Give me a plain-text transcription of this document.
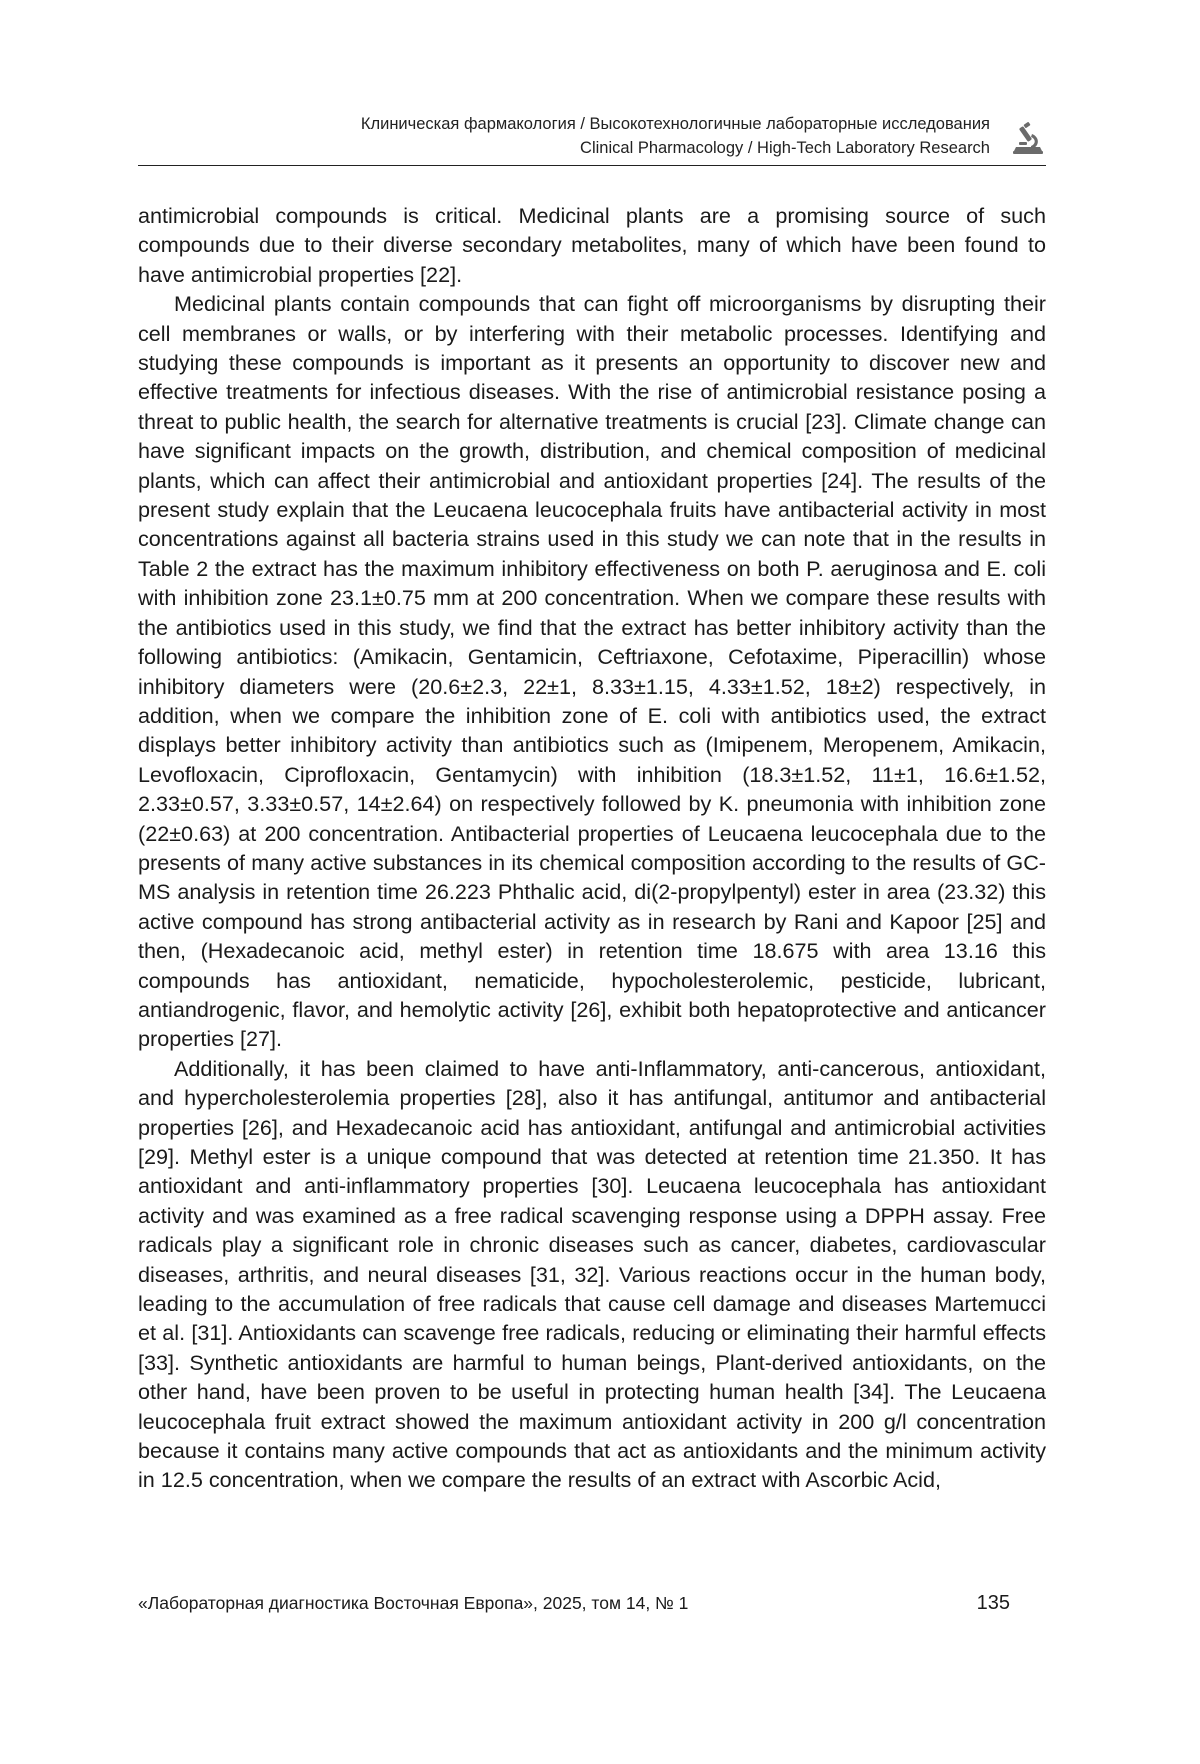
Клиническая фармакология / Высокотехнологичные лабораторные исследования
Clinical Pharmacology / High-Tech Laboratory Research

antimicrobial compounds is critical. Medicinal plants are a promising source of such compounds due to their diverse secondary metabolites, many of which have been found to have antimicrobial properties [22].

Medicinal plants contain compounds that can fight off microorganisms by disrupting their cell membranes or walls, or by interfering with their metabolic processes. Identifying and studying these compounds is important as it presents an opportunity to discover new and effective treatments for infectious diseases. With the rise of antimicrobial resistance posing a threat to public health, the search for alternative treatments is crucial [23]. Climate change can have significant impacts on the growth, distribution, and chemical composition of medicinal plants, which can affect their antimicrobial and antioxidant properties [24]. The results of the present study explain that the Leucaena leucocephala fruits have antibacterial activity in most concentrations against all bacteria strains used in this study we can note that in the results in Table 2 the extract has the maximum inhibitory effectiveness on both P. aeruginosa and E. coli with inhibition zone 23.1±0.75 mm at 200 concentration. When we compare these results with the antibiotics used in this study, we find that the extract has better inhibitory activity than the following antibiotics: (Amikacin, Gentamicin, Ceftriaxone, Cefotaxime, Piperacillin) whose inhibitory diameters were (20.6±2.3, 22±1, 8.33±1.15, 4.33±1.52, 18±2) respectively, in addition, when we compare the inhibition zone of E. coli with antibiotics used, the extract displays better inhibitory activity than antibiotics such as (Imipenem, Meropenem, Amikacin, Levofloxacin, Ciprofloxacin, Gentamycin) with inhibition (18.3±1.52, 11±1, 16.6±1.52, 2.33±0.57, 3.33±0.57, 14±2.64) on respectively followed by K. pneumonia with inhibition zone (22±0.63) at 200 concentration. Antibacterial properties of Leucaena leucocephala due to the presents of many active substances in its chemical composition according to the results of GC-MS analysis in retention time 26.223 Phthalic acid, di(2-propylpentyl) ester in area (23.32) this active compound has strong antibacterial activity as in research by Rani and Kapoor [25] and then, (Hexadecanoic acid, methyl ester) in retention time 18.675 with area 13.16 this compounds has antioxidant, nematicide, hypocholesterolemic, pesticide, lubricant, antiandrogenic, flavor, and hemolytic activity [26], exhibit both hepatoprotective and anticancer properties [27].

Additionally, it has been claimed to have anti-Inflammatory, anti-cancerous, antioxidant, and hypercholesterolemia properties [28], also it has antifungal, antitumor and antibacterial properties [26], and Hexadecanoic acid has antioxidant, antifungal and antimicrobial activities [29]. Methyl ester is a unique compound that was detected at retention time 21.350. It has antioxidant and anti-inflammatory properties [30]. Leucaena leucocephala has antioxidant activity and was examined as a free radical scavenging response using a DPPH assay. Free radicals play a significant role in chronic diseases such as cancer, diabetes, cardiovascular diseases, arthritis, and neural diseases [31, 32]. Various reactions occur in the human body, leading to the accumulation of free radicals that cause cell damage and diseases Martemucci et al. [31]. Antioxidants can scavenge free radicals, reducing or eliminating their harmful effects [33]. Synthetic antioxidants are harmful to human beings, Plant-derived antioxidants, on the other hand, have been proven to be useful in protecting human health [34]. The Leucaena leucocephala fruit extract showed the maximum antioxidant activity in 200 g/l concentration because it contains many active compounds that act as antioxidants and the minimum activity in 12.5 concentration, when we compare the results of an extract with Ascorbic Acid,

«Лабораторная диагностика Восточная Европа», 2025, том 14, № 1	135
